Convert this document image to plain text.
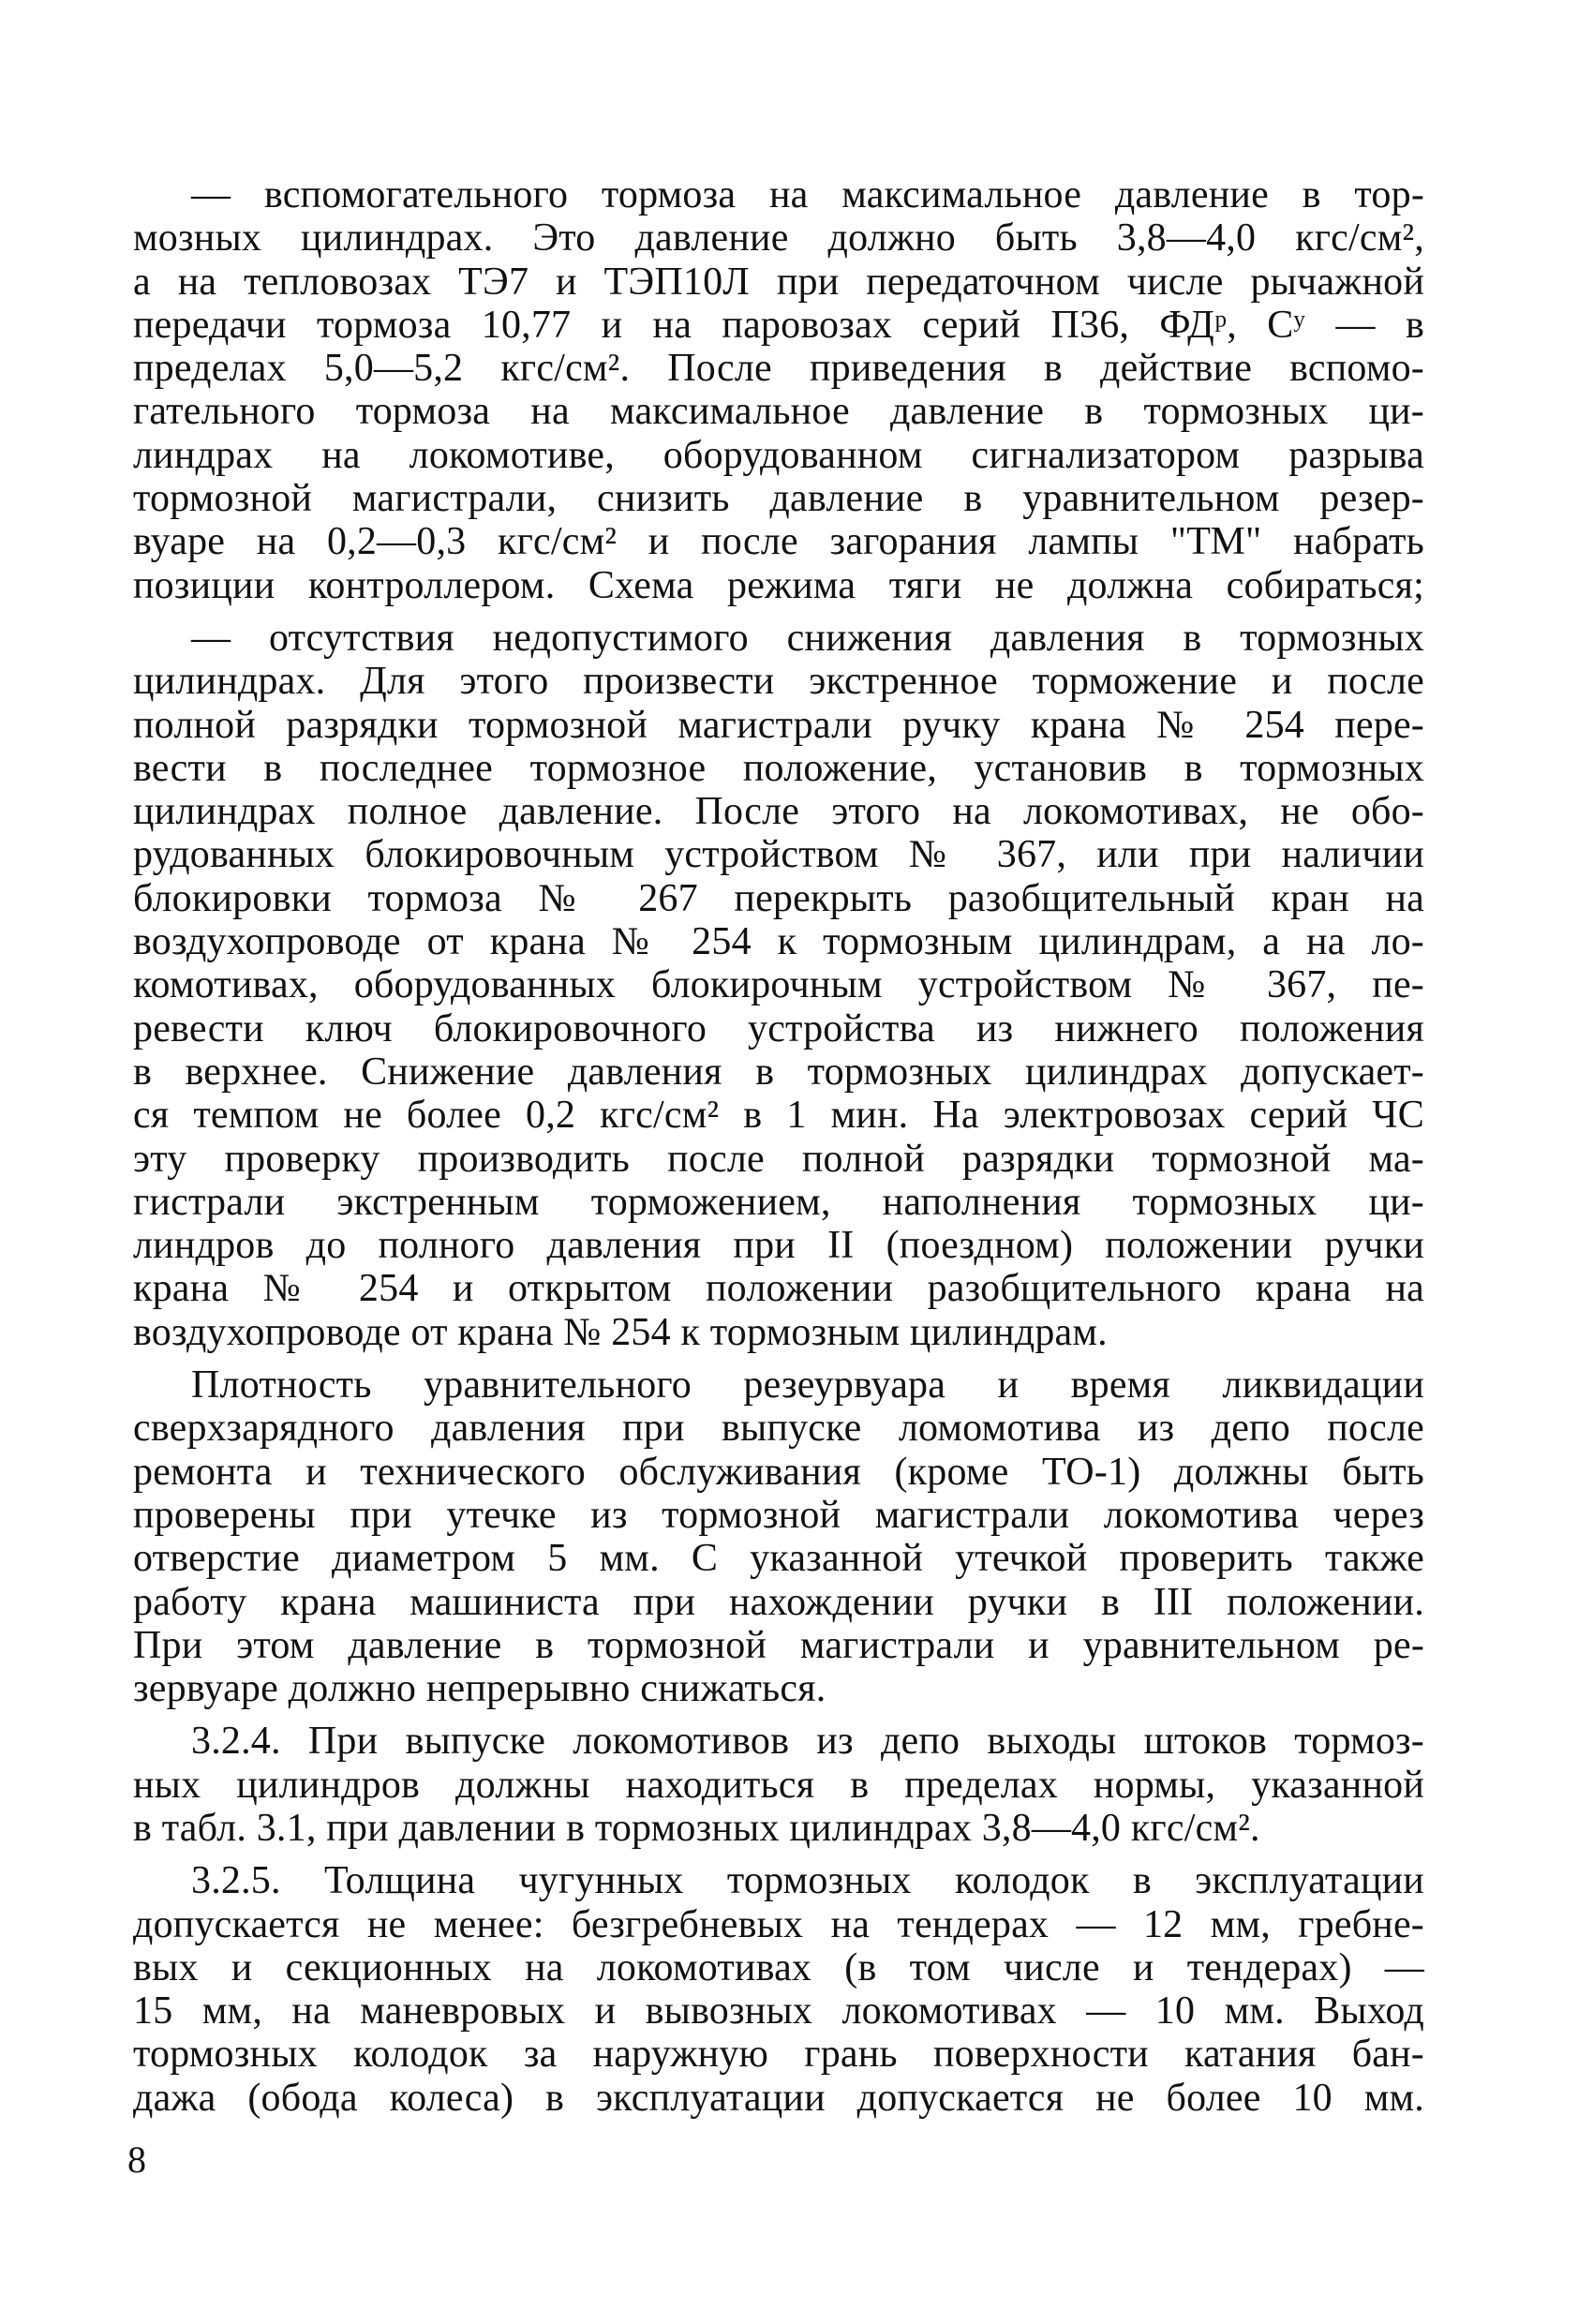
— вспомогательного тормоза на максимальное давление в тор-
мозных цилиндрах. Это давление должно быть 3,8—4,0 кгс/см²,
а на тепловозах ТЭ7 и ТЭП10Л при передаточном числе рычажной
передачи тормоза 10,77 и на паровозах серий П36, ФДᵖ, Сʸ — в
пределах 5,0—5,2 кгс/см². После приведения в действие вспомо-
гательного тормоза на максимальное давление в тормозных ци-
линдрах на локомотиве, оборудованном сигнализатором разрыва
тормозной магистрали, снизить давление в уравнительном резер-
вуаре на 0,2—0,3 кгс/см² и после загорания лампы "ТМ" набрать
позиции контроллером. Схема режима тяги не должна собираться;
— отсутствия недопустимого снижения давления в тормозных
цилиндрах. Для этого произвести экстренное торможение и после
полной разрядки тормозной магистрали ручку крана № 254 пере-
вести в последнее тормозное положение, установив в тормозных
цилиндрах полное давление. После этого на локомотивах, не обо-
рудованных блокировочным устройством № 367, или при наличии
блокировки тормоза № 267 перекрыть разобщительный кран на
воздухопроводе от крана № 254 к тормозным цилиндрам, а на ло-
комотивах, оборудованных блокирочным устройством № 367, пе-
ревести ключ блокировочного устройства из нижнего положения
в верхнее. Снижение давления в тормозных цилиндрах допускает-
ся темпом не более 0,2 кгс/см² в 1 мин. На электровозах серий ЧС
эту проверку производить после полной разрядки тормозной ма-
гистрали экстренным торможением, наполнения тормозных ци-
линдров до полного давления при II (поездном) положении ручки
крана № 254 и открытом положении разобщительного крана на
воздухопроводе от крана № 254 к тормозным цилиндрам.
Плотность уравнительного резеурвуара и время ликвидации
сверхзарядного давления при выпуске ломомотива из депо после
ремонта и технического обслуживания (кроме ТО-1) должны быть
проверены при утечке из тормозной магистрали локомотива через
отверстие диаметром 5 мм. С указанной утечкой проверить также
работу крана машиниста при нахождении ручки в III положении.
При этом давление в тормозной магистрали и уравнительном ре-
зервуаре должно непрерывно снижаться.
3.2.4. При выпуске локомотивов из депо выходы штоков тормоз-
ных цилиндров должны находиться в пределах нормы, указанной
в табл. 3.1, при давлении в тормозных цилиндрах 3,8—4,0 кгс/см².
3.2.5. Толщина чугунных тормозных колодок в эксплуатации
допускается не менее: безгребневых на тендерах — 12 мм, гребне-
вых и секционных на локомотивах (в том числе и тендерах) —
15 мм, на маневровых и вывозных локомотивах — 10 мм. Выход
тормозных колодок за наружную грань поверхности катания бан-
дажа (обода колеса) в эксплуатации допускается не более 10 мм.
8
